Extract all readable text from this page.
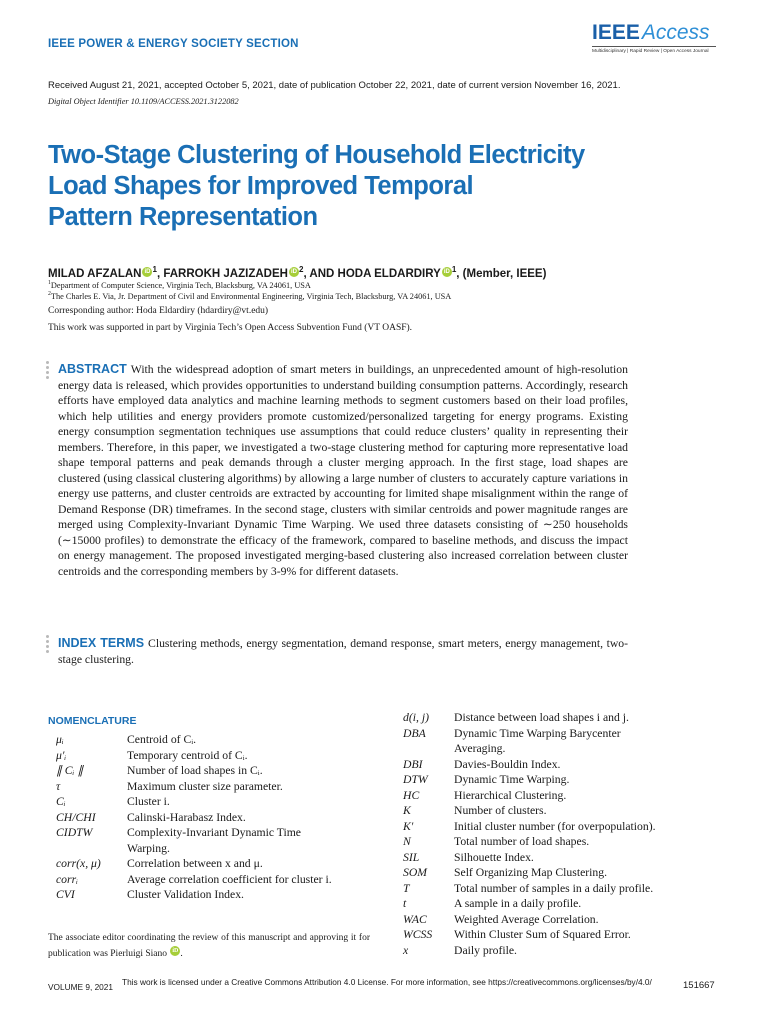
IEEE POWER & ENERGY SOCIETY SECTION	IEEEAccess
Multidisciplinary | Rapid Review | Open Access Journal
Received August 21, 2021, accepted October 5, 2021, date of publication October 22, 2021, date of current version November 16, 2021.
Digital Object Identifier 10.1109/ACCESS.2021.3122082
Two-Stage Clustering of Household Electricity
Load Shapes for Improved Temporal
Pattern Representation
MILAD AFZALAN iD $^1$, FARROKH JAZIZADEH iD $^2$, AND HODA ELDARDIRY iD $^1$, (Member, IEEE)
$^1$Department of Computer Science, Virginia Tech, Blacksburg, VA 24061, USA
$^2$The Charles E. Via, Jr. Department of Civil and Environmental Engineering, Virginia Tech, Blacksburg, VA 24061, USA
Corresponding author: Hoda Eldardiry (hdardiry@vt.edu)
This work was supported in part by Virginia Tech’s Open Access Subvention Fund (VT OASF).
ABSTRACT With the widespread adoption of smart meters in buildings, an unprecedented amount of high-resolution energy data is released, which provides opportunities to understand building consumption patterns. Accordingly, research efforts have employed data analytics and machine learning methods to segment customers based on their load profiles, which help utilities and energy providers promote customized/personalized targeting for energy programs. Existing energy consumption segmentation techniques use assumptions that could reduce clusters’ quality in representing their members. Therefore, in this paper, we investigated a two-stage clustering method for capturing more representative load shape temporal patterns and peak demands through a cluster merging approach. In the first stage, load shapes are clustered (using classical clustering algorithms) by allowing a large number of clusters to accurately capture variations in energy use patterns, and cluster centroids are extracted by accounting for limited shape misalignment within the range of Demand Response (DR) timeframes. In the second stage, clusters with similar centroids and power magnitude ranges are merged using Complexity-Invariant Dynamic Time Warping. We used three datasets consisting of ∼250 households (∼15000 profiles) to demonstrate the efficacy of the framework, compared to baseline methods, and discuss the impact on energy management. The proposed investigated merging-based clustering also increased correlation between cluster centroids and the corresponding members by 3-9% for different datasets.
INDEX TERMS Clustering methods, energy segmentation, demand response, smart meters, energy management, two-stage clustering.
NOMENCLATURE
μᵢ	Centroid of Cᵢ.
μ′ᵢ	Temporary centroid of Cᵢ.
∥ Cᵢ ∥	Number of load shapes in Cᵢ.
τ	Maximum cluster size parameter.
Cᵢ	Cluster i.
CH/CHI	Calinski-Harabasz Index.
CIDTW	Complexity-Invariant Dynamic Time
Warping.
corr(x, μ) Correlation between x and μ.
corrᵢ	Average correlation coefficient for cluster i.
CVI	Cluster Validation Index.
d(i, j) Distance between load shapes i and j.
DBA Dynamic Time Warping Barycenter
Averaging.
DBI	Davies-Bouldin Index.
DTW Dynamic Time Warping.
HC	Hierarchical Clustering.
K	Number of clusters.
K′	Initial cluster number (for overpopulation).
N	Total number of load shapes.
SIL	Silhouette Index.
SOM Self Organizing Map Clustering.
T	Total number of samples in a daily profile.
t	A sample in a daily profile.
WAC Weighted Average Correlation.
WCSS Within Cluster Sum of Squared Error.
x	Daily profile.
The associate editor coordinating the review of this manuscript and approving it for publication was Pierluigi Siano iD .
VOLUME 9, 2021 This work is licensed under a Creative Commons Attribution 4.0 License. For more information, see https://creativecommons.org/licenses/by/4.0/	151667
